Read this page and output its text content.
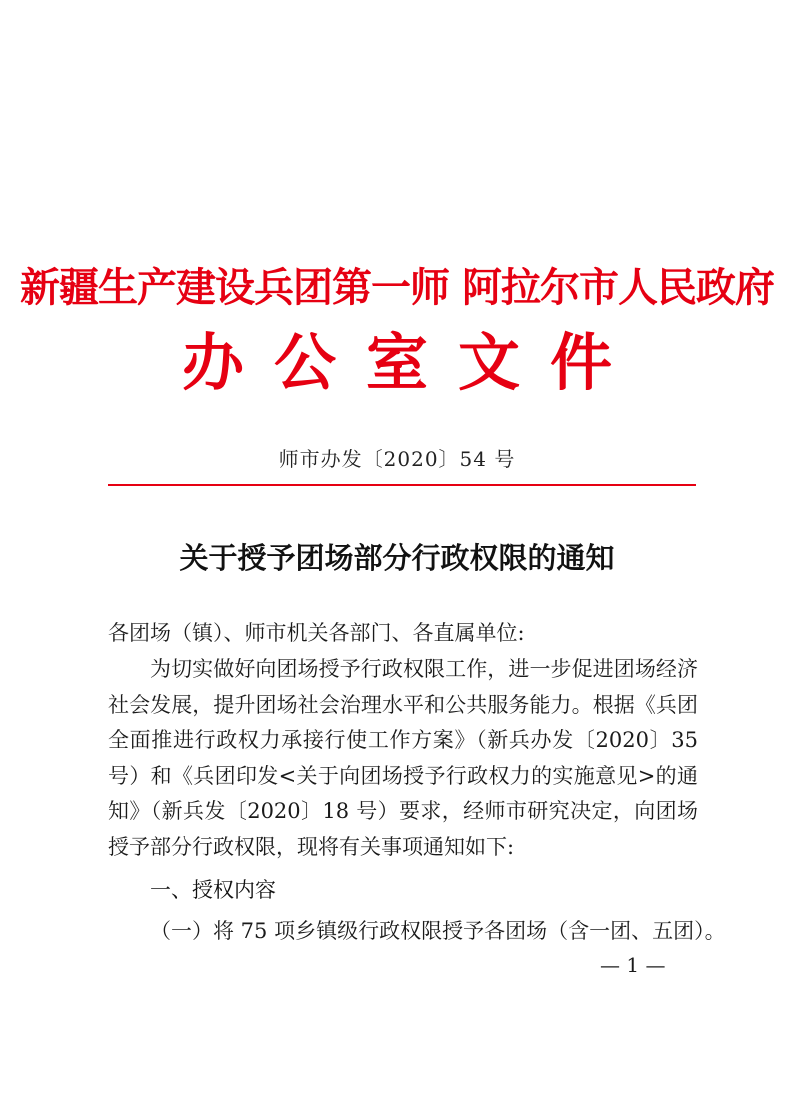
新疆生产建设兵团第一师 阿拉尔市人民政府
办公室文件
师市办发〔2020〕54 号
关于授予团场部分行政权限的通知
各团场（镇）、师市机关各部门、各直属单位:
为切实做好向团场授予行政权限工作，进一步促进团场经济社会发展，提升团场社会治理水平和公共服务能力。根据《兵团全面推进行政权力承接行使工作方案》（新兵办发〔2020〕35 号）和《兵团印发<关于向团场授予行政权力的实施意见>的通知》（新兵发〔2020〕18 号）要求，经师市研究决定，向团场授予部分行政权限，现将有关事项通知如下:
一、授权内容
（一）将 75 项乡镇级行政权限授予各团场（含一团、五团）。
— 1 —
